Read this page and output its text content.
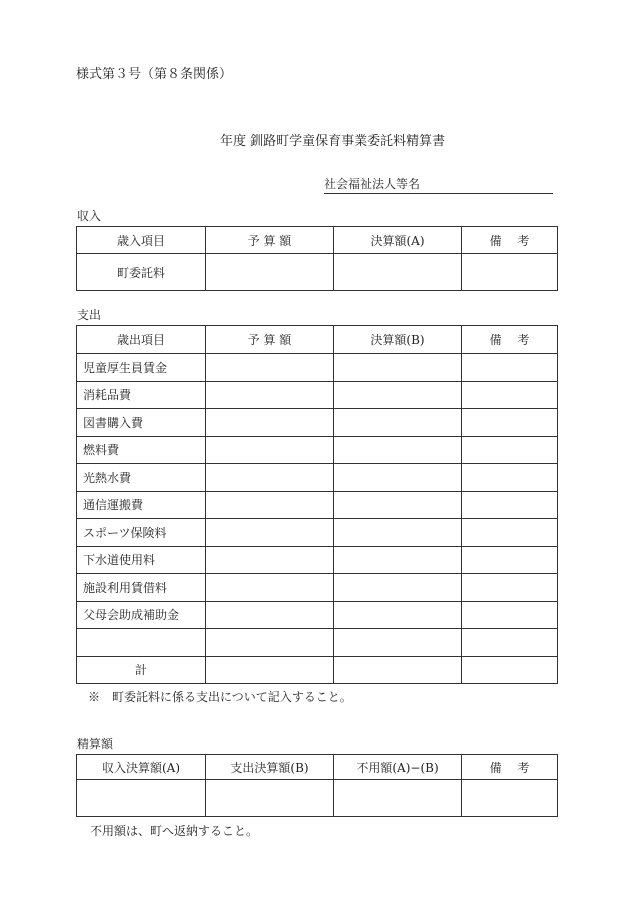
様式第３号（第８条関係）
年度 釧路町学童保育事業委託料精算書
社会福祉法人等名
収入
歳入項目	予 算 額	決算額(A)	備　 考
町委託料			
支出
歳出項目	予 算 額	決算額(B)	備　 考
児童厚生員賃金			
消耗品費			
図書購入費			
燃料費			
光熱水費			
通信運搬費			
スポーツ保険料			
下水道使用料			
施設利用賃借料			
父母会助成補助金			

計			
※　町委託料に係る支出について記入すること。
精算額
収入決算額(A)	支出決算額(B)	不用額(A)−(B)	備　 考

不用額は、町へ返納すること。
